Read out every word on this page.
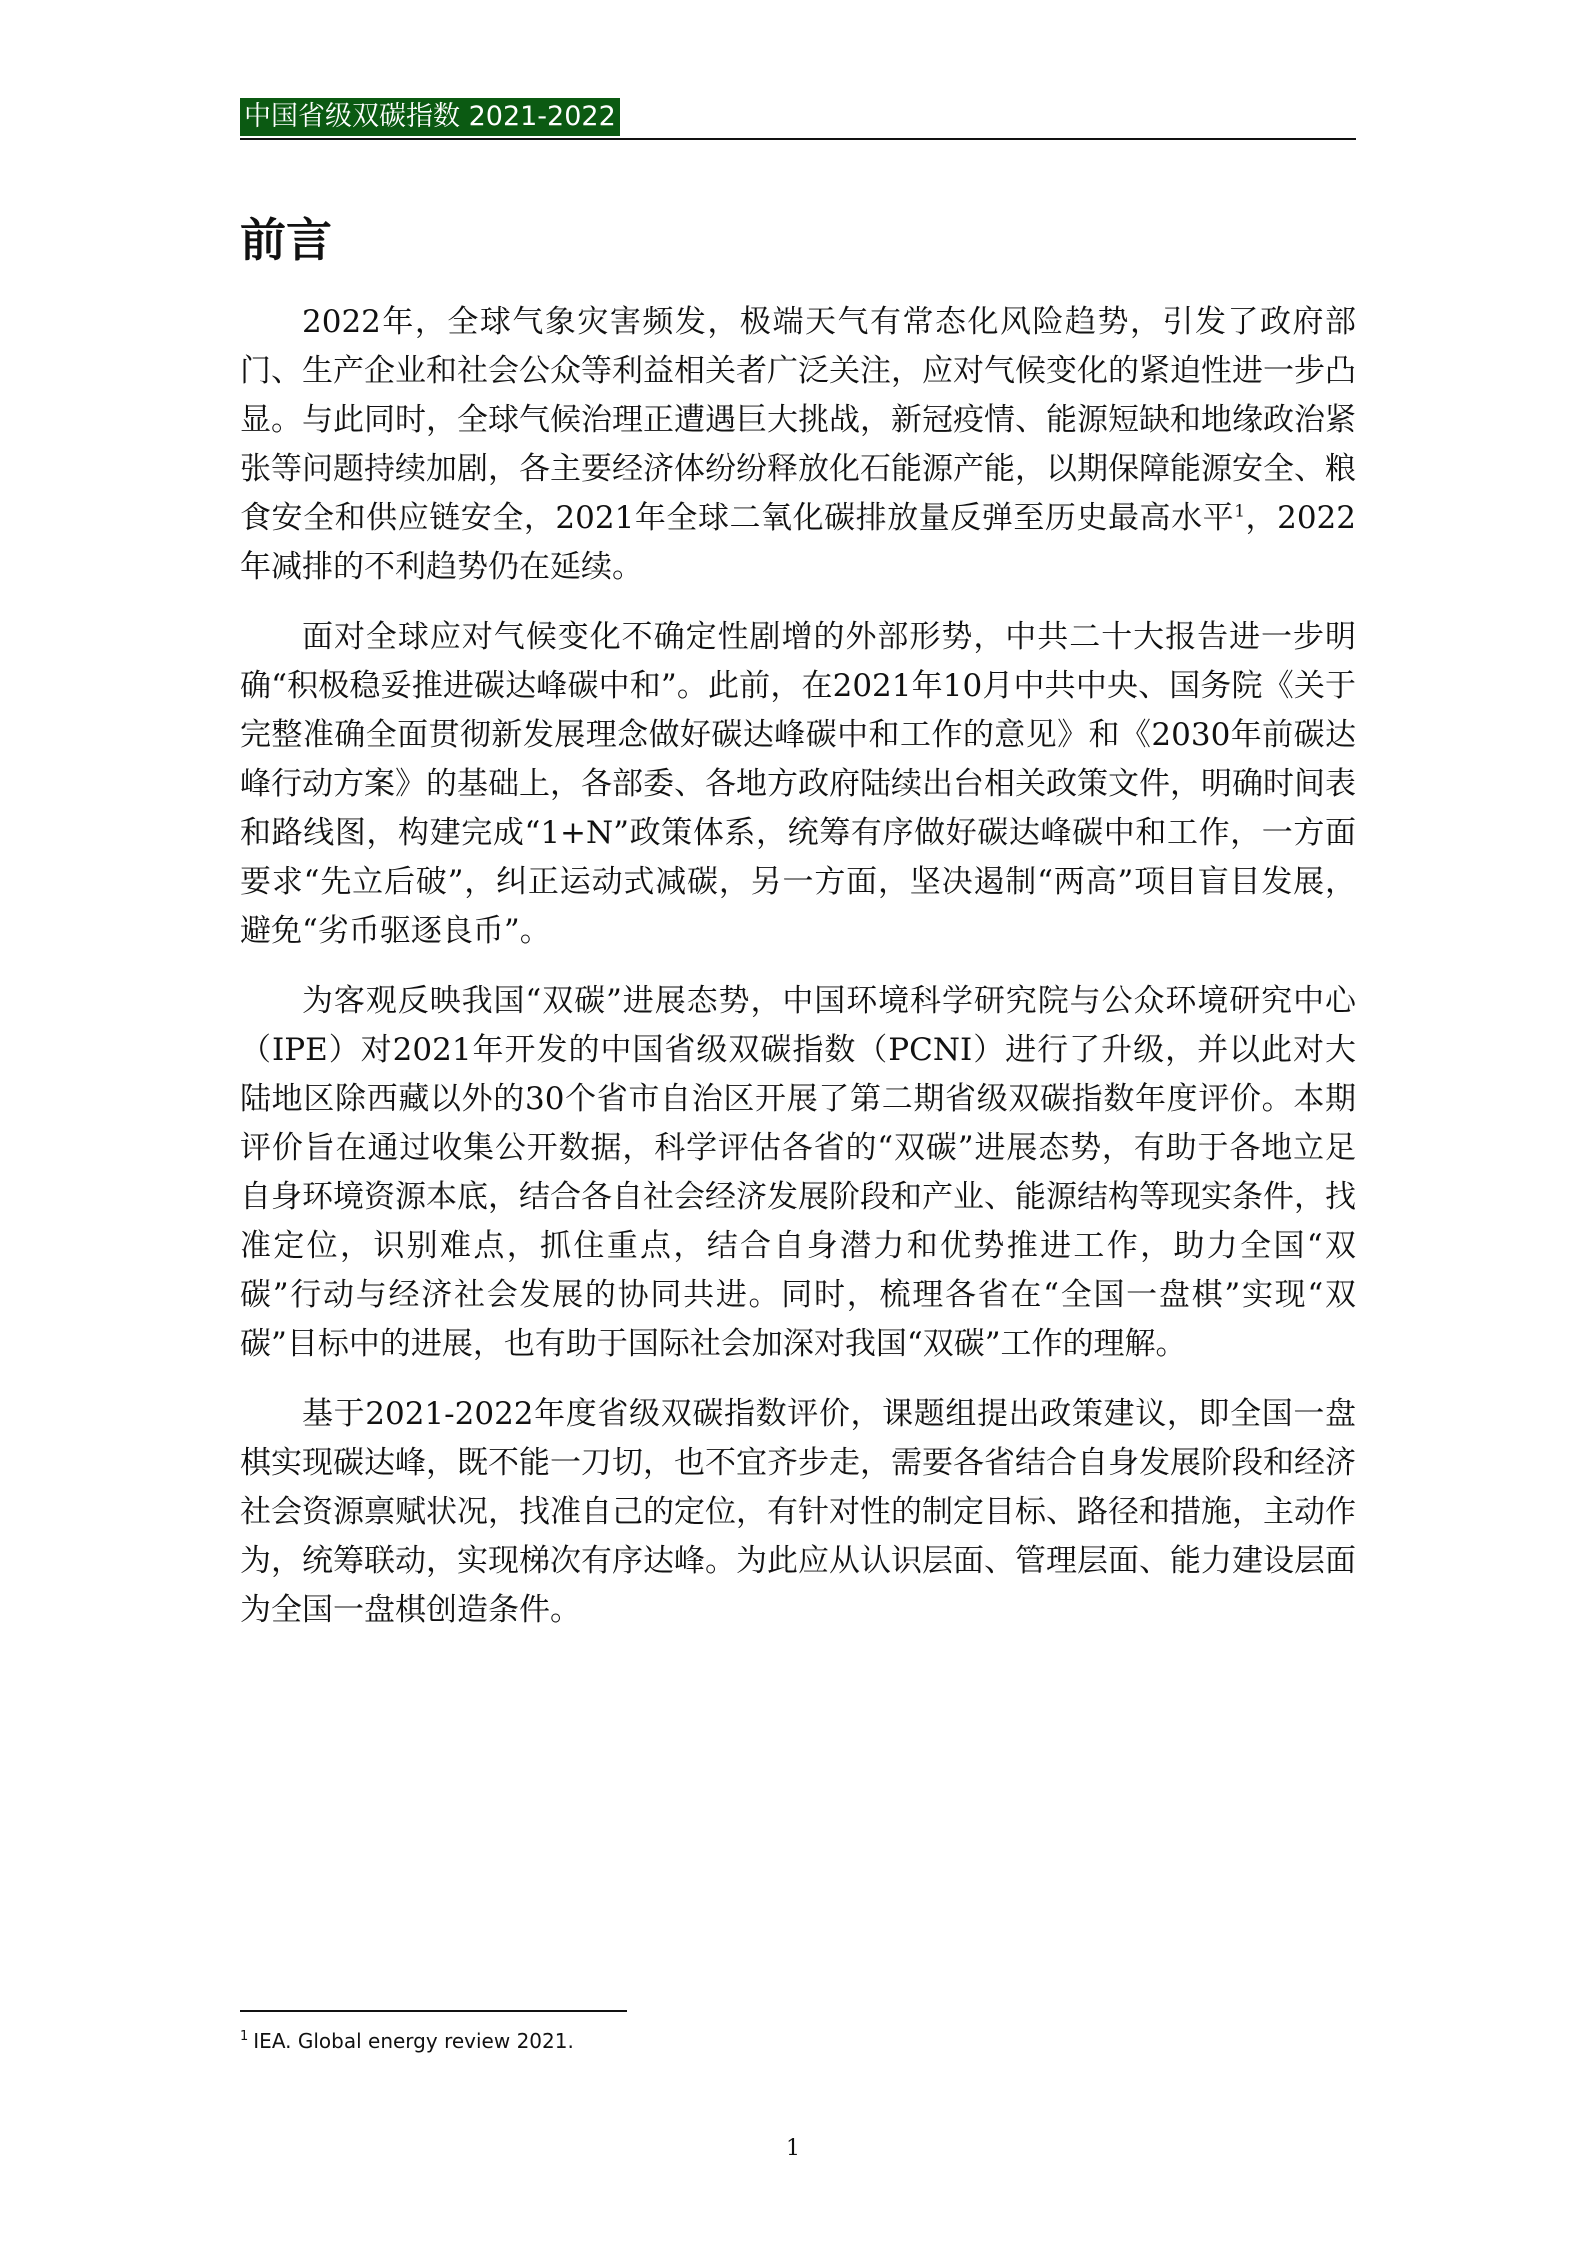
中国省级双碳指数 2021-2022
前言

2022年，全球气象灾害频发，极端天气有常态化风险趋势，引发了政府部门、生产企业和社会公众等利益相关者广泛关注，应对气候变化的紧迫性进一步凸显。与此同时，全球气候治理正遭遇巨大挑战，新冠疫情、能源短缺和地缘政治紧张等问题持续加剧，各主要经济体纷纷释放化石能源产能，以期保障能源安全、粮食安全和供应链安全，2021年全球二氧化碳排放量反弹至历史最高水平$^1$，2022年减排的不利趋势仍在延续。

面对全球应对气候变化不确定性剧增的外部形势，中共二十大报告进一步明确“积极稳妥推进碳达峰碳中和”。此前，在2021年10月中共中央、国务院《关于完整准确全面贯彻新发展理念做好碳达峰碳中和工作的意见》和《2030年前碳达峰行动方案》的基础上，各部委、各地方政府陆续出台相关政策文件，明确时间表和路线图，构建完成“1+N”政策体系，统筹有序做好碳达峰碳中和工作，一方面要求“先立后破”，纠正运动式减碳，另一方面，坚决遏制“两高”项目盲目发展，避免“劣币驱逐良币”。

为客观反映我国“双碳”进展态势，中国环境科学研究院与公众环境研究中心（IPE）对2021年开发的中国省级双碳指数（PCNI）进行了升级，并以此对大陆地区除西藏以外的30个省市自治区开展了第二期省级双碳指数年度评价。本期评价旨在通过收集公开数据，科学评估各省的“双碳”进展态势，有助于各地立足自身环境资源本底，结合各自社会经济发展阶段和产业、能源结构等现实条件，找准定位，识别难点，抓住重点，结合自身潜力和优势推进工作，助力全国“双碳”行动与经济社会发展的协同共进。同时，梳理各省在“全国一盘棋”实现“双碳”目标中的进展，也有助于国际社会加深对我国“双碳”工作的理解。

基于2021-2022年度省级双碳指数评价，课题组提出政策建议，即全国一盘棋实现碳达峰，既不能一刀切，也不宜齐步走，需要各省结合自身发展阶段和经济社会资源禀赋状况，找准自己的定位，有针对性的制定目标、路径和措施，主动作为，统筹联动，实现梯次有序达峰。为此应从认识层面、管理层面、能力建设层面为全国一盘棋创造条件。

$^1$ IEA. Global energy review 2021.
1
